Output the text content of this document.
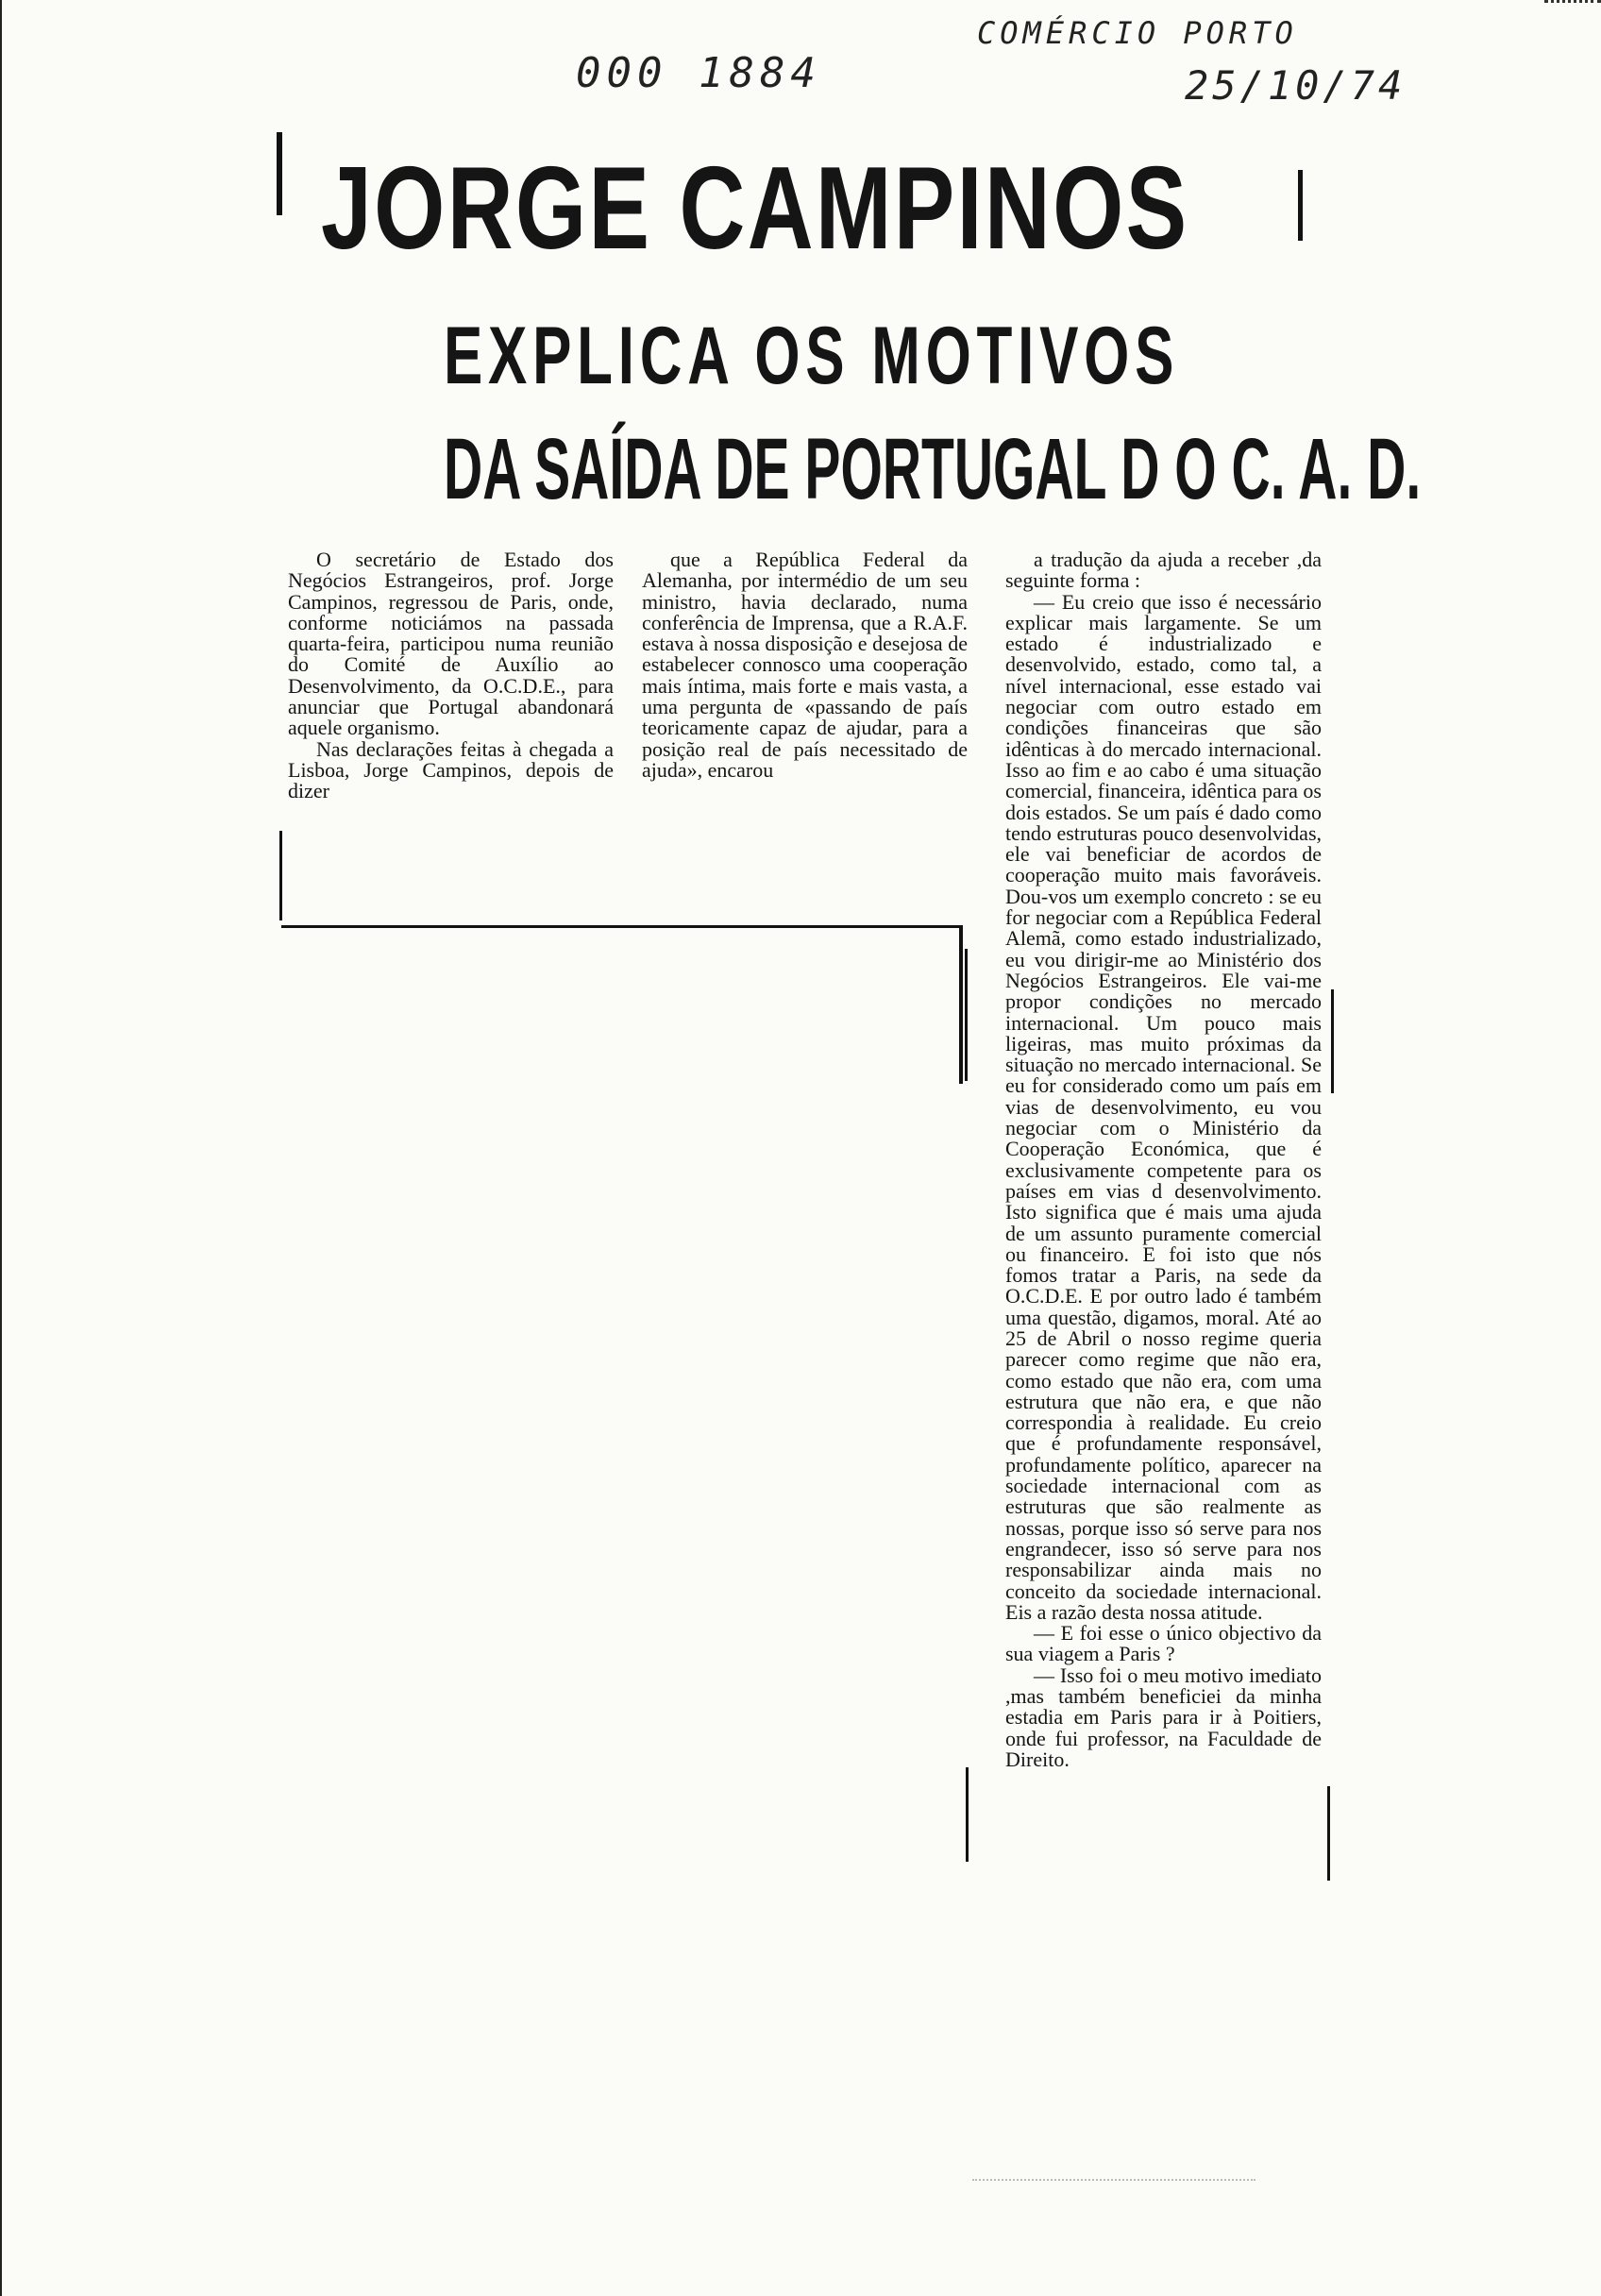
000 1884
COMÉRCIO PORTO
25/10/74
JORGE CAMPINOS
EXPLICA OS MOTIVOS
DA SAÍDA DE PORTUGAL D O C. A. D.

O secretário de Estado dos Negócios Estrangeiros, prof. Jorge Campinos, regressou de Paris, onde, conforme noticiámos na passada quarta-feira, participou numa reunião do Comité de Auxílio ao Desenvolvimento, da O.C.D.E., para anunciar que Portugal abandonará aquele organismo.

Nas declarações feitas à chegada a Lisboa, Jorge Campinos, depois de dizer

que a República Federal da Alemanha, por intermédio de um seu ministro, havia declarado, numa conferência de Imprensa, que a R.A.F. estava à nossa disposição e desejosa de estabelecer connosco uma cooperação mais íntima, mais forte e mais vasta, a uma pergunta de «passando de país teoricamente capaz de ajudar, para a posição real de país necessitado de ajuda», encarou

a tradução da ajuda a receber ,da seguinte forma :

— Eu creio que isso é necessário explicar mais largamente. Se um estado é industrializado e desenvolvido, estado, como tal, a nível internacional, esse estado vai negociar com outro estado em condições financeiras que são idênticas à do mercado internacional. Isso ao fim e ao cabo é uma situação comercial, financeira, idêntica para os dois estados. Se um país é dado como tendo estruturas pouco desenvolvidas, ele vai beneficiar de acordos de cooperação muito mais favoráveis. Dou-vos um exemplo concreto : se eu for negociar com a República Federal Alemã, como estado industrializado, eu vou dirigir-me ao Ministério dos Negócios Estrangeiros. Ele vai-me propor condições no mercado internacional. Um pouco mais ligeiras, mas muito próximas da situação no mercado internacional. Se eu for considerado como um país em vias de desenvolvimento, eu vou negociar com o Ministério da Cooperação Económica, que é exclusivamente competente para os países em vias d desenvolvimento. Isto significa que é mais uma ajuda de um assunto puramente comercial ou financeiro. E foi isto que nós fomos tratar a Paris, na sede da O.C.D.E. E por outro lado é também uma questão, digamos, moral. Até ao 25 de Abril o nosso regime queria parecer como regime que não era, como estado que não era, com uma estrutura que não era, e que não correspondia à realidade. Eu creio que é profundamente responsável, profundamente político, aparecer na sociedade internacional com as estruturas que são realmente as nossas, porque isso só serve para nos engrandecer, isso só serve para nos responsabilizar ainda mais no conceito da sociedade internacional. Eis a razão desta nossa atitude.

— E foi esse o único objectivo da sua viagem a Paris ?

— Isso foi o meu motivo imediato ,mas também beneficiei da minha estadia em Paris para ir à Poitiers, onde fui professor, na Faculdade de Direito.
